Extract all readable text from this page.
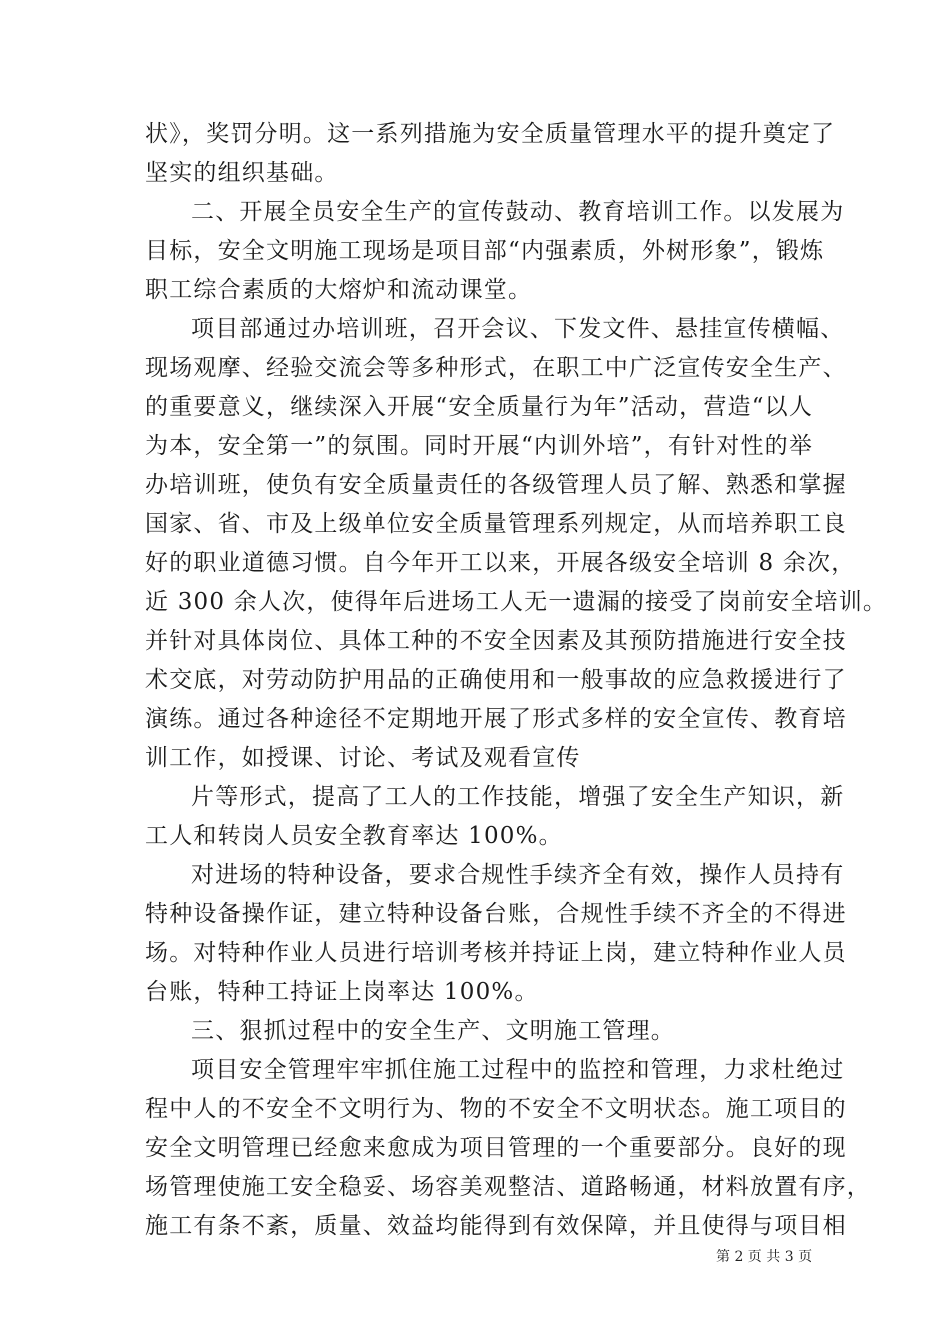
状》，奖罚分明。这一系列措施为安全质量管理水平的提升奠定了
坚实的组织基础。
二、开展全员安全生产的宣传鼓动、教育培训工作。以发展为
目标，安全文明施工现场是项目部“内强素质，外树形象”，锻炼
职工综合素质的大熔炉和流动课堂。
项目部通过办培训班，召开会议、下发文件、悬挂宣传横幅、
现场观摩、经验交流会等多种形式，在职工中广泛宣传安全生产、
的重要意义，继续深入开展“安全质量行为年”活动，营造“以人
为本，安全第一”的氛围。同时开展“内训外培”，有针对性的举
办培训班，使负有安全质量责任的各级管理人员了解、熟悉和掌握
国家、省、市及上级单位安全质量管理系列规定，从而培养职工良
好的职业道德习惯。自今年开工以来，开展各级安全培训 8 余次，
近 300 余人次，使得年后进场工人无一遗漏的接受了岗前安全培训。
并针对具体岗位、具体工种的不安全因素及其预防措施进行安全技
术交底，对劳动防护用品的正确使用和一般事故的应急救援进行了
演练。通过各种途径不定期地开展了形式多样的安全宣传、教育培
训工作，如授课、讨论、考试及观看宣传
片等形式，提高了工人的工作技能，增强了安全生产知识，新
工人和转岗人员安全教育率达 100%。
对进场的特种设备，要求合规性手续齐全有效，操作人员持有
特种设备操作证，建立特种设备台账，合规性手续不齐全的不得进
场。对特种作业人员进行培训考核并持证上岗，建立特种作业人员
台账，特种工持证上岗率达 100%。
三、狠抓过程中的安全生产、文明施工管理。
项目安全管理牢牢抓住施工过程中的监控和管理，力求杜绝过
程中人的不安全不文明行为、物的不安全不文明状态。施工项目的
安全文明管理已经愈来愈成为项目管理的一个重要部分。良好的现
场管理使施工安全稳妥、场容美观整洁、道路畅通，材料放置有序，
施工有条不紊，质量、效益均能得到有效保障，并且使得与项目相
第 2 页 共 3 页
